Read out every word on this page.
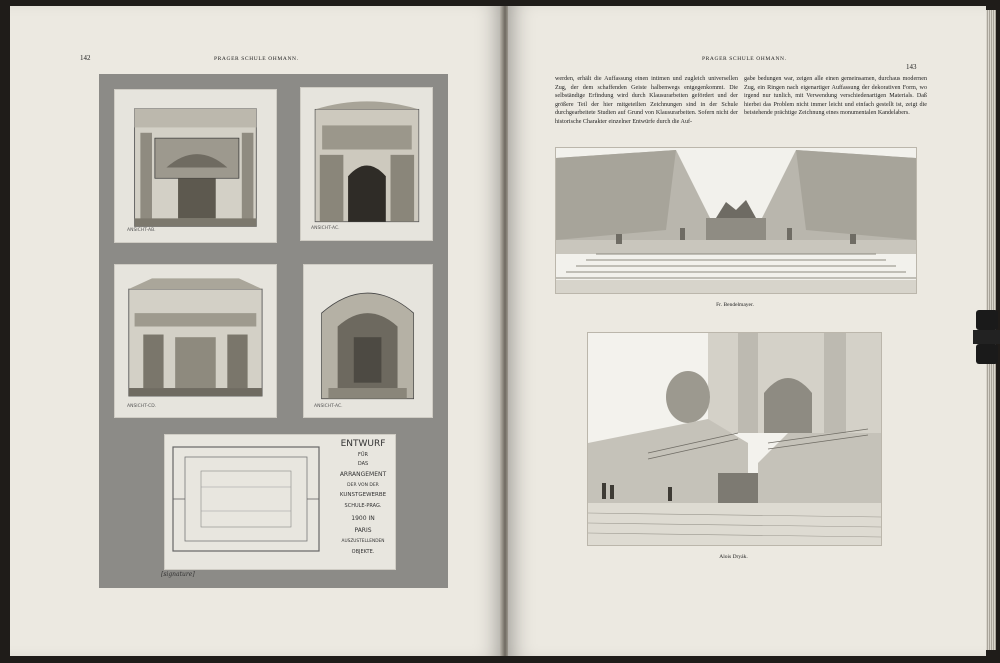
142	PRAGER SCHULE OHMANN.
ANSICHT-AB.	ANSICHT-AC.
ANSICHT-CD.	ANSICHT-AC.
ENTWURF
FÜR
DAS
ARRANGEMENT
DER VON DER
KUNSTGEWERBE
SCHULE-PRAG.
1900 IN
PARIS
AUSZUSTELLENDEN
OBJEKTE.
[signature]
PRAGER SCHULE OHMANN.
143
werden, erhält die Auffassung einen intimen und zugleich universellen Zug, der dem schaffenden Geiste halbenwegs entgegenkommt. Die selbständige Erfindung wird durch Klausurarbeiten gefördert und der größere Teil der hier mitgeteilten Zeichnungen sind in der Schule durchgearbeitete Studien auf Grund von Klausurarbeiten. Sofern nicht der historische Charakter einzelner Entwürfe durch die Auf-
gabe bedungen war, zeigen alle einen gemeinsamen, durchaus modernen Zug, ein Ringen nach eigenartiger Auffassung der dekorativen Form, wo irgend nur tunlich, mit Verwendung verschiedenartigen Materials. Daß hierbei das Problem nicht immer leicht und einfach gestellt ist, zeigt die beistehende prächtige Zeichnung eines monumentalen Kandelabers.
Fr. Bendelmayer.
Alois Dryák.
